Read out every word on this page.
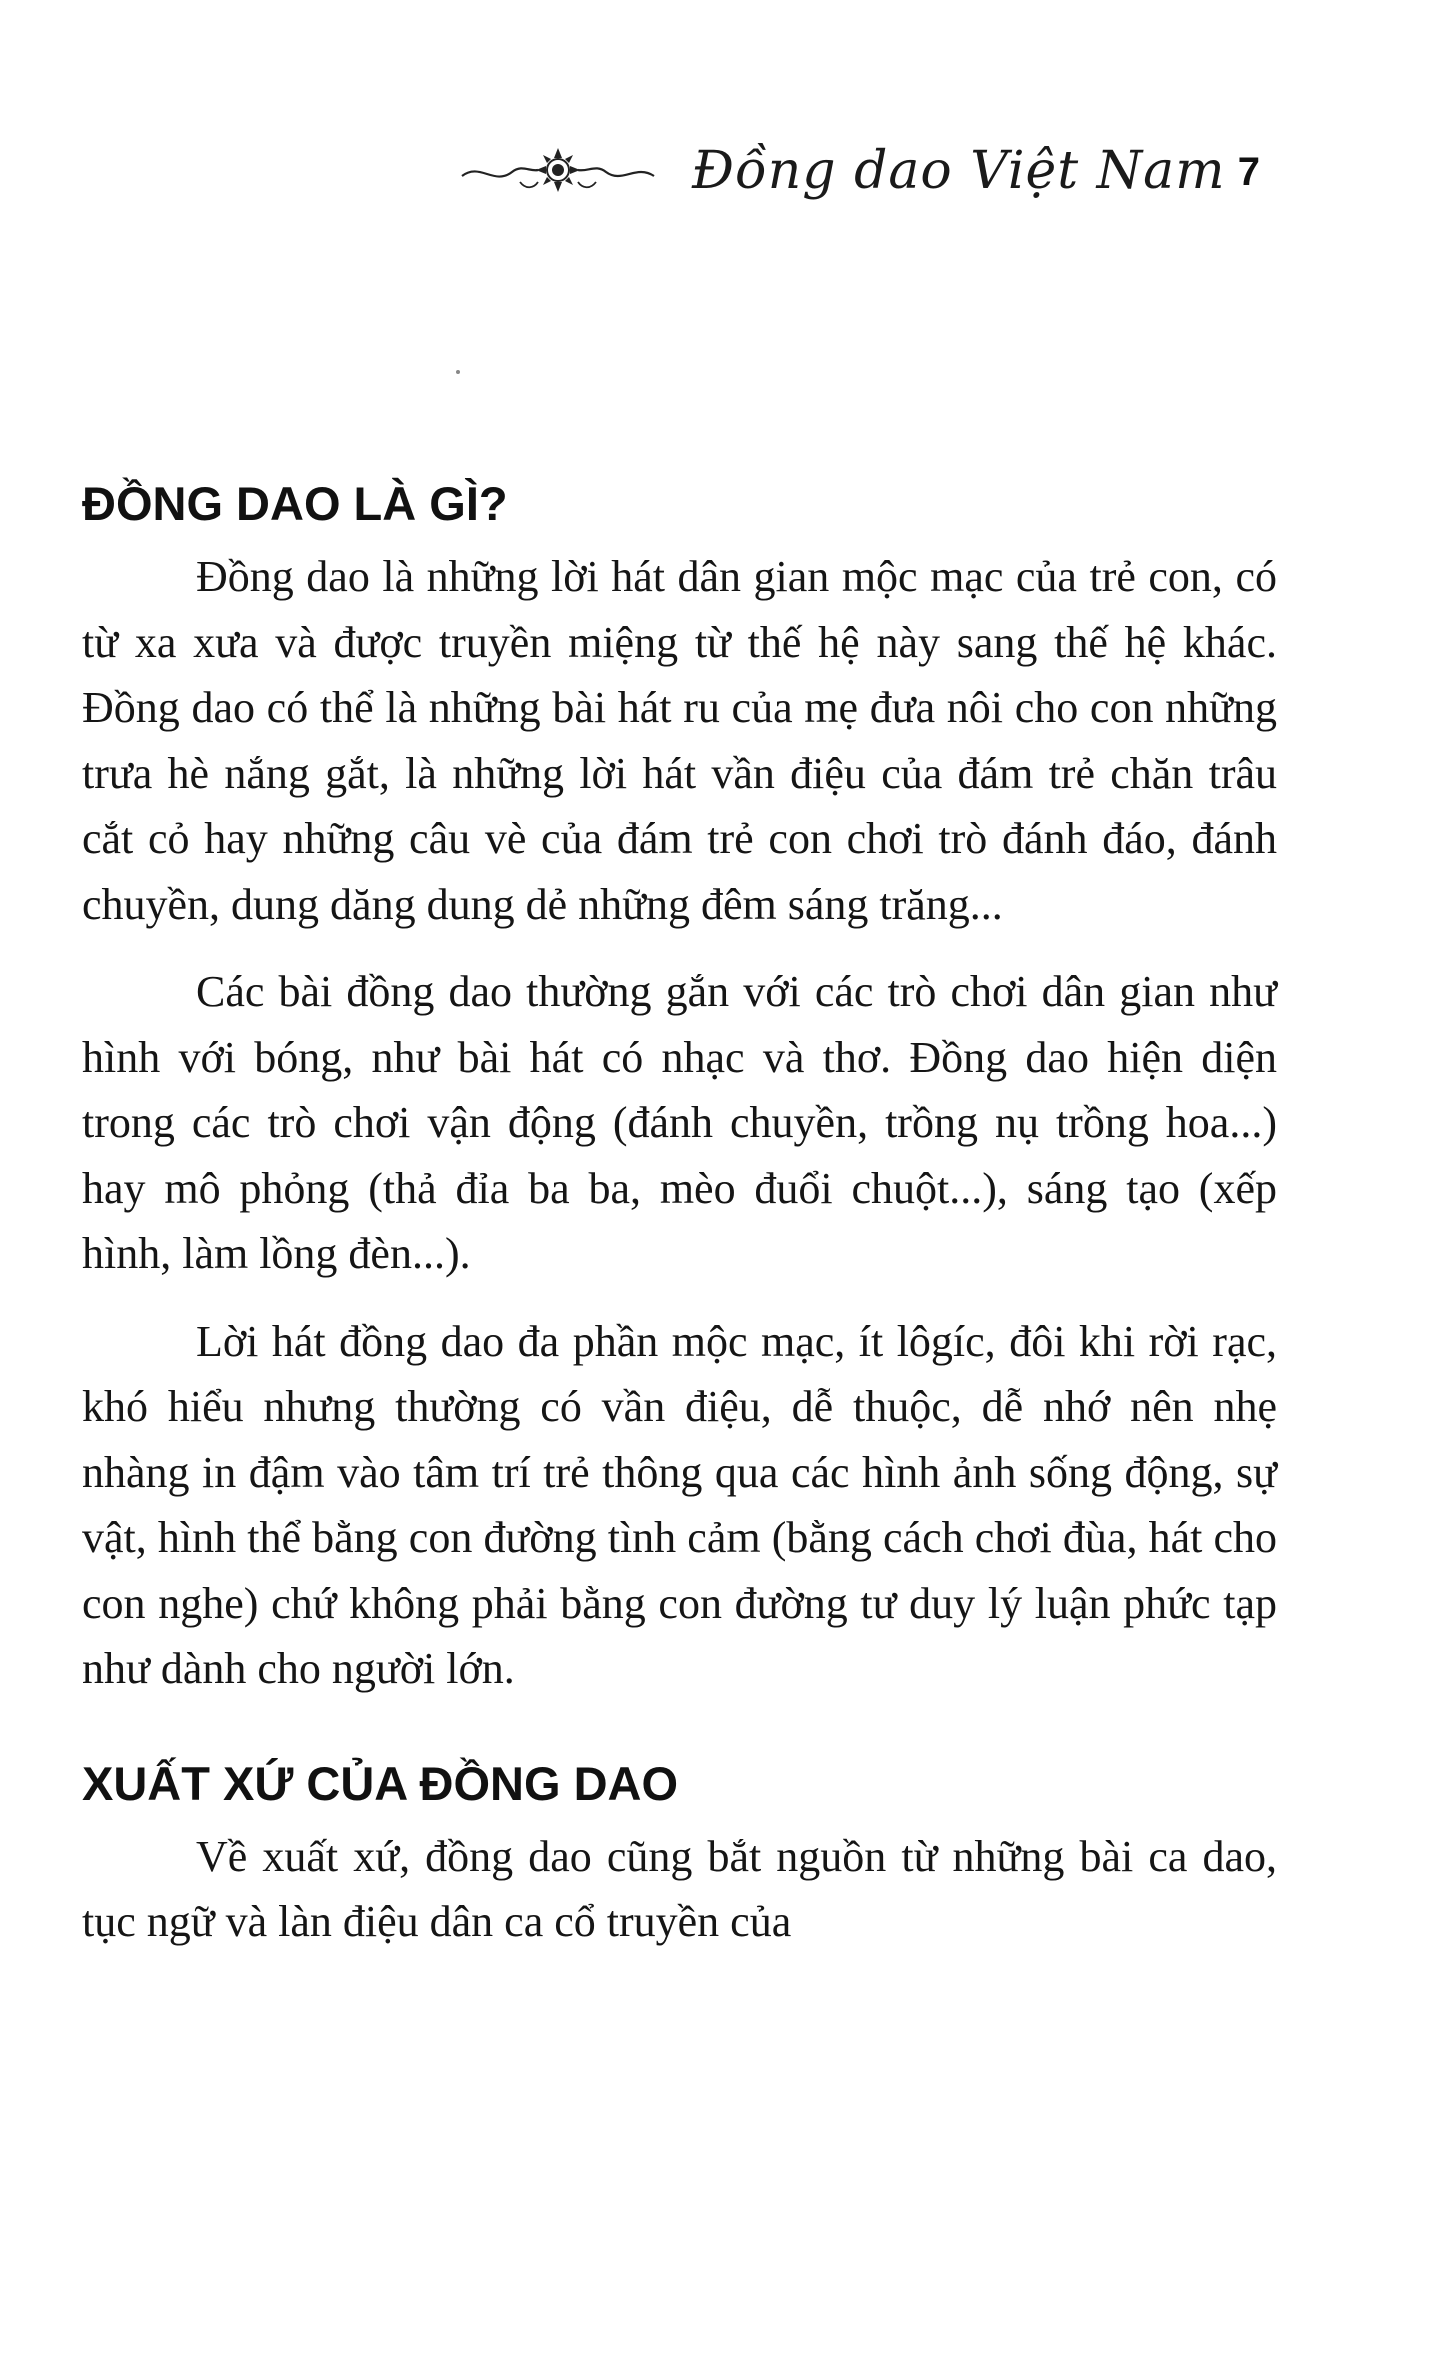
Đồng dao Việt Nam 7
ĐỒNG DAO LÀ GÌ?

Đồng dao là những lời hát dân gian mộc mạc của trẻ con, có từ xa xưa và được truyền miệng từ thế hệ này sang thế hệ khác. Đồng dao có thể là những bài hát ru của mẹ đưa nôi cho con những trưa hè nắng gắt, là những lời hát vần điệu của đám trẻ chăn trâu cắt cỏ hay những câu vè của đám trẻ con chơi trò đánh đáo, đánh chuyền, dung dăng dung dẻ những đêm sáng trăng...

Các bài đồng dao thường gắn với các trò chơi dân gian như hình với bóng, như bài hát có nhạc và thơ. Đồng dao hiện diện trong các trò chơi vận động (đánh chuyền, trồng nụ trồng hoa...) hay mô phỏng (thả đỉa ba ba, mèo đuổi chuột...), sáng tạo (xếp hình, làm lồng đèn...).

Lời hát đồng dao đa phần mộc mạc, ít lôgíc, đôi khi rời rạc, khó hiểu nhưng thường có vần điệu, dễ thuộc, dễ nhớ nên nhẹ nhàng in đậm vào tâm trí trẻ thông qua các hình ảnh sống động, sự vật, hình thể bằng con đường tình cảm (bằng cách chơi đùa, hát cho con nghe) chứ không phải bằng con đường tư duy lý luận phức tạp như dành cho người lớn.

XUẤT XỨ CỦA ĐỒNG DAO

Về xuất xứ, đồng dao cũng bắt nguồn từ những bài ca dao, tục ngữ và làn điệu dân ca cổ truyền của
